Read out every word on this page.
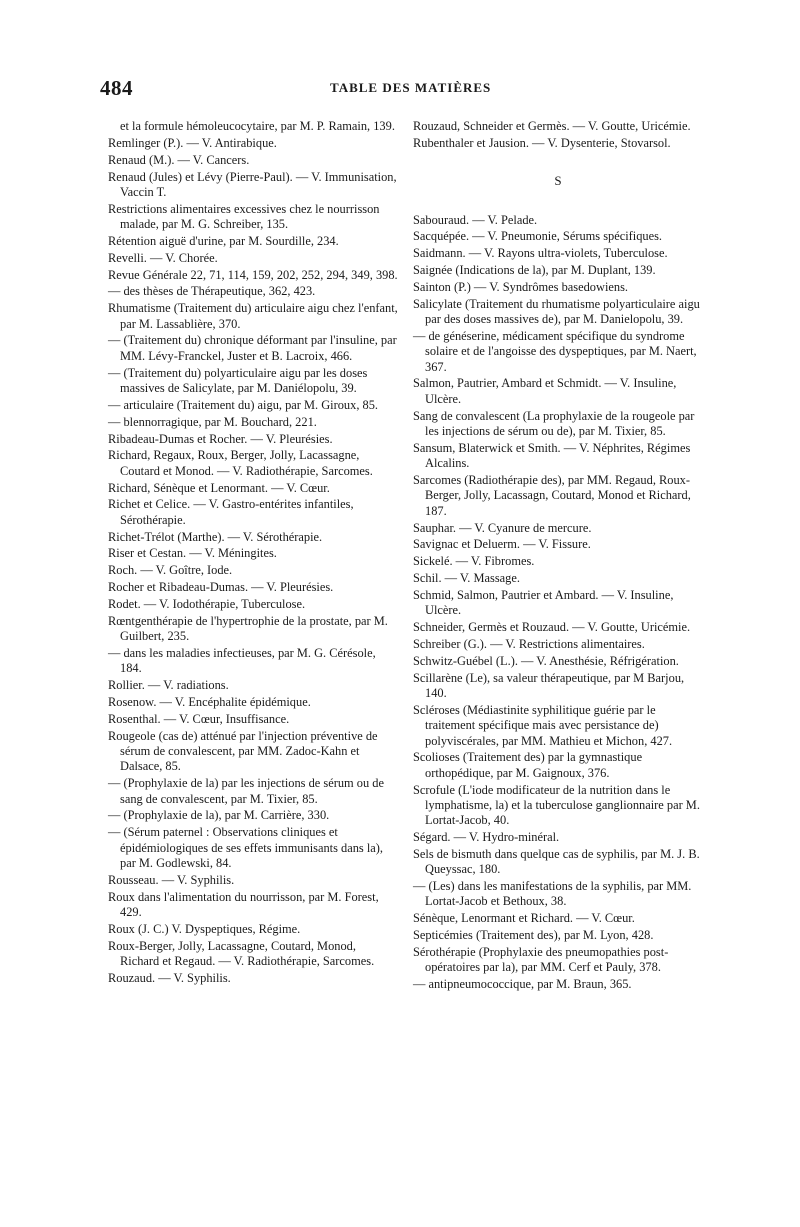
484	TABLE DES MATIÈRES

et la formule hémoleucocytaire, par M. P. Ramain, 139.

Remlinger (P.). — V. Antirabique.

Renaud (M.). — V. Cancers.

Renaud (Jules) et Lévy (Pierre-Paul). — V. Immunisation, Vaccin T.

Restrictions alimentaires excessives chez le nourrisson malade, par M. G. Schreiber, 135.

Rétention aiguë d'urine, par M. Sourdille, 234.

Revelli. — V. Chorée.

Revue Générale 22, 71, 114, 159, 202, 252, 294, 349, 398.

— des thèses de Thérapeutique, 362, 423.

Rhumatisme (Traitement du) articulaire aigu chez l'enfant, par M. Lassablière, 370.

— (Traitement du) chronique déformant par l'insuline, par MM. Lévy-Franckel, Juster et B. Lacroix, 466.

— (Traitement du) polyarticulaire aigu par les doses massives de Salicylate, par M. Daniélopolu, 39.

— articulaire (Traitement du) aigu, par M. Giroux, 85.

— blennorragique, par M. Bouchard, 221.

Ribadeau-Dumas et Rocher. — V. Pleurésies.

Richard, Regaux, Roux, Berger, Jolly, Lacassagne, Coutard et Monod. — V. Radiothérapie, Sarcomes.

Richard, Sénèque et Lenormant. — V. Cœur.

Richet et Celice. — V. Gastro-entérites infantiles, Sérothérapie.

Richet-Trélot (Marthe). — V. Sérothérapie.

Riser et Cestan. — V. Méningites.

Roch. — V. Goître, Iode.

Rocher et Ribadeau-Dumas. — V. Pleurésies.

Rodet. — V. Iodothérapie, Tuberculose.

Rœntgenthérapie de l'hypertrophie de la prostate, par M. Guilbert, 235.

— dans les maladies infectieuses, par M. G. Cérésole, 184.

Rollier. — V. radiations.

Rosenow. — V. Encéphalite épidémique.

Rosenthal. — V. Cœur, Insuffisance.

Rougeole (cas de) atténué par l'injection préventive de sérum de convalescent, par MM. Zadoc-Kahn et Dalsace, 85.

— (Prophylaxie de la) par les injections de sérum ou de sang de convalescent, par M. Tixier, 85.

— (Prophylaxie de la), par M. Carrière, 330.

— (Sérum paternel : Observations cliniques et épidémiologiques de ses effets immunisants dans la), par M. Godlewski, 84.

Rousseau. — V. Syphilis.

Roux dans l'alimentation du nourrisson, par M. Forest, 429.

Roux (J. C.) V. Dyspeptiques, Régime.

Roux-Berger, Jolly, Lacassagne, Coutard, Monod, Richard et Regaud. — V. Radiothérapie, Sarcomes.

Rouzaud. — V. Syphilis.

Rouzaud, Schneider et Germès. — V. Goutte, Uricémie.

Rubenthaler et Jausion. — V. Dysenterie, Stovarsol.

S

Sabouraud. — V. Pelade.

Sacquépée. — V. Pneumonie, Sérums spécifiques.

Saidmann. — V. Rayons ultra-violets, Tuberculose.

Saignée (Indications de la), par M. Duplant, 139.

Sainton (P.) — V. Syndrômes basedowiens.

Salicylate (Traitement du rhumatisme polyarticulaire aigu par des doses massives de), par M. Danielopolu, 39.

— de généserine, médicament spécifique du syndrome solaire et de l'angoisse des dyspeptiques, par M. Naert, 367.

Salmon, Pautrier, Ambard et Schmidt. — V. Insuline, Ulcère.

Sang de convalescent (La prophylaxie de la rougeole par les injections de sérum ou de), par M. Tixier, 85.

Sansum, Blaterwick et Smith. — V. Néphrites, Régimes Alcalins.

Sarcomes (Radiothérapie des), par MM. Regaud, Roux-Berger, Jolly, Lacassagn, Coutard, Monod et Richard, 187.

Sauphar. — V. Cyanure de mercure.

Savignac et Deluerm. — V. Fissure.

Sickelé. — V. Fibromes.

Schil. — V. Massage.

Schmid, Salmon, Pautrier et Ambard. — V. Insuline, Ulcère.

Schneider, Germès et Rouzaud. — V. Goutte, Uricémie.

Schreiber (G.). — V. Restrictions alimentaires.

Schwitz-Guébel (L.). — V. Anesthésie, Réfrigération.

Scillarène (Le), sa valeur thérapeutique, par M Barjou, 140.

Scléroses (Médiastinite syphilitique guérie par le traitement spécifique mais avec persistance de) polyviscérales, par MM. Mathieu et Michon, 427.

Scolioses (Traitement des) par la gymnastique orthopédique, par M. Gaignoux, 376.

Scrofule (L'iode modificateur de la nutrition dans le lymphatisme, la) et la tuberculose ganglionnaire par M. Lortat-Jacob, 40.

Ségard. — V. Hydro-minéral.

Sels de bismuth dans quelque cas de syphilis, par M. J. B. Queyssac, 180.

— (Les) dans les manifestations de la syphilis, par MM. Lortat-Jacob et Bethoux, 38.

Sénèque, Lenormant et Richard. — V. Cœur.

Septicémies (Traitement des), par M. Lyon, 428.

Sérothérapie (Prophylaxie des pneumopathies post-opératoires par la), par MM. Cerf et Pauly, 378.

— antipneumococcique, par M. Braun, 365.
